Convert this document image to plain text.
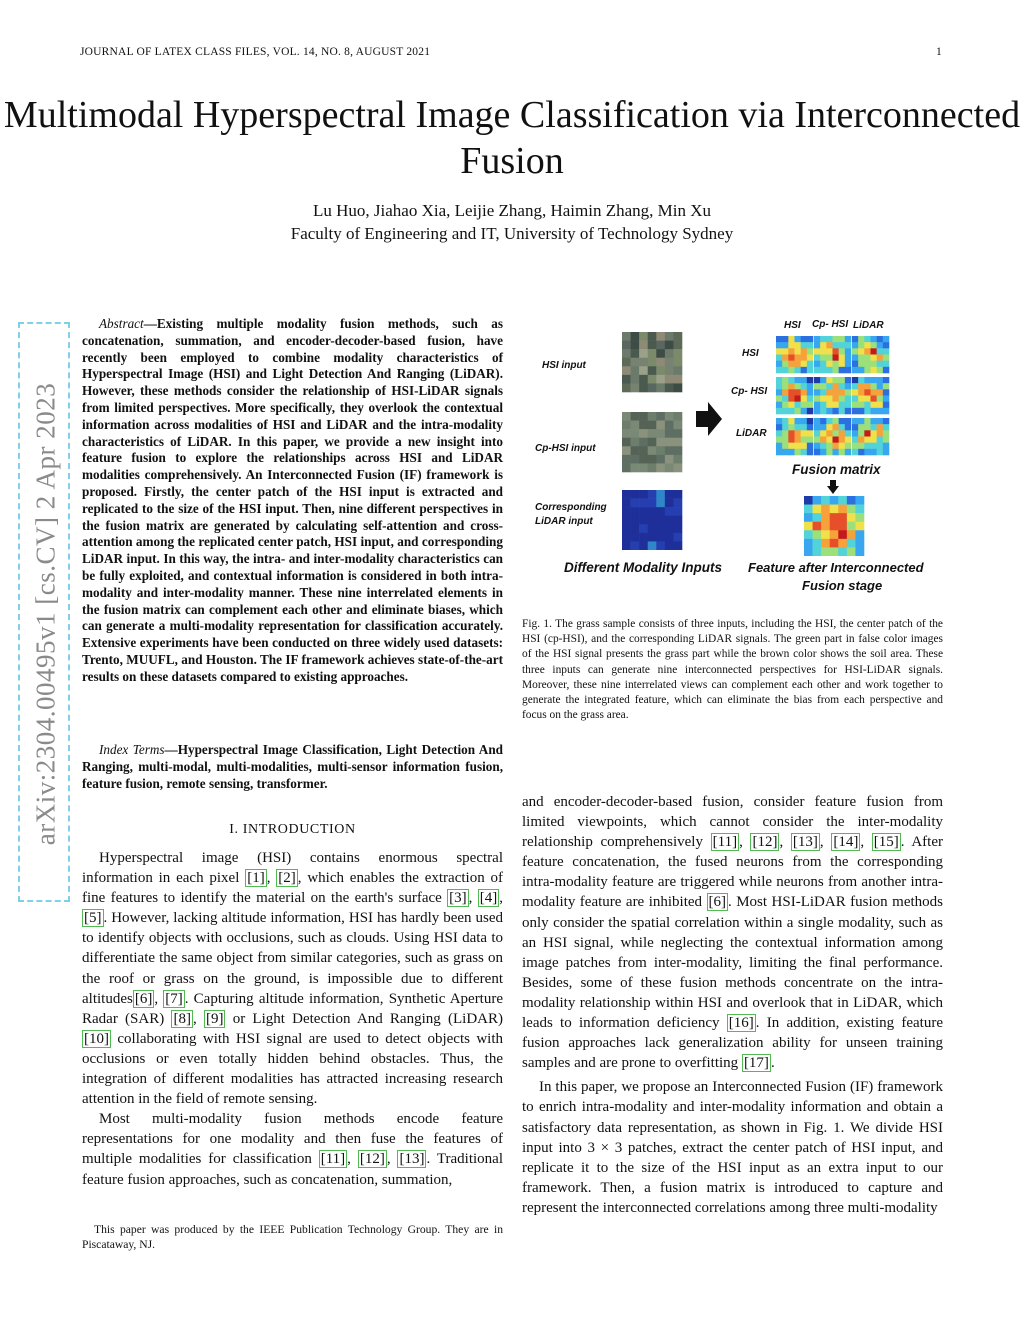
JOURNAL OF LATEX CLASS FILES, VOL. 14, NO. 8, AUGUST 2021	1
Multimodal Hyperspectral Image Classification via Interconnected Fusion
Lu Huo, Jiahao Xia, Leijie Zhang, Haimin Zhang, Min Xu
Faculty of Engineering and IT, University of Technology Sydney
arXiv:2304.00495v1 [cs.CV] 2 Apr 2023

Abstract—Existing multiple modality fusion methods, such as concatenation, summation, and encoder-decoder-based fusion, have recently been employed to combine modality characteristics of Hyperspectral Image (HSI) and Light Detection And Ranging (LiDAR). However, these methods consider the relationship of HSI-LiDAR signals from limited perspectives. More specifically, they overlook the contextual information across modalities of HSI and LiDAR and the intra-modality characteristics of LiDAR. In this paper, we provide a new insight into feature fusion to explore the relationships across HSI and LiDAR modalities comprehensively. An Interconnected Fusion (IF) framework is proposed. Firstly, the center patch of the HSI input is extracted and replicated to the size of the HSI input. Then, nine different perspectives in the fusion matrix are generated by calculating self-attention and cross-attention among the replicated center patch, HSI input, and corresponding LiDAR input. In this way, the intra- and inter-modality characteristics can be fully exploited, and contextual information is considered in both intra-modality and inter-modality manner. These nine interrelated elements in the fusion matrix can complement each other and eliminate biases, which can generate a multi-modality representation for classification accurately. Extensive experiments have been conducted on three widely used datasets: Trento, MUUFL, and Houston. The IF framework achieves state-of-the-art results on these datasets compared to existing approaches.

Index Terms—Hyperspectral Image Classification, Light Detection And Ranging, multi-modal, multi-modalities, multi-sensor information fusion, feature fusion, remote sensing, transformer.

I. INTRODUCTION

Hyperspectral image (HSI) contains enormous spectral information in each pixel [1] , [2] , which enables the extraction of fine features to identify the material on the earth's surface [3] , [4] , [5] . However, lacking altitude information, HSI has hardly been used to identify objects with occlusions, such as clouds. Using HSI data to differentiate the same object from similar categories, such as grass on the roof or grass on the ground, is impossible due to different altitudes [6] , [7] . Capturing altitude information, Synthetic Aperture Radar (SAR) [8] , [9] or Light Detection And Ranging (LiDAR) [10] collaborating with HSI signal are used to detect objects with occlusions or even totally hidden behind obstacles. Thus, the integration of different modalities has attracted increasing research attention in the field of remote sensing.

Most multi-modality fusion methods encode feature representations for one modality and then fuse the features of multiple modalities for classification [11] , [12] , [13] . Traditional feature fusion approaches, such as concatenation, summation,

This paper was produced by the IEEE Publication Technology Group. They are in Piscataway, NJ.

HSI input
Cp-HSI input
Corresponding
LiDAR input
Different Modality Inputs
HSI Cp- HSI LiDAR
HSI
Cp- HSI
LiDAR
Fusion matrix
Feature after Interconnected
Fusion stage
Fig. 1. The grass sample consists of three inputs, including the HSI, the center patch of the HSI (cp-HSI), and the corresponding LiDAR signals. The green part in false color images of the HSI signal presents the grass part while the brown color shows the soil area. These three inputs can generate nine interconnected perspectives for HSI-LiDAR signals. Moreover, these nine interrelated views can complement each other and work together to generate the integrated feature, which can eliminate the bias from each perspective and focus on the grass area.

and encoder-decoder-based fusion, consider feature fusion from limited viewpoints, which cannot consider the inter-modality relationship comprehensively [11] , [12] , [13] , [14] , [15] . After feature concatenation, the fused neurons from the corresponding intra-modality feature are triggered while neurons from another intra-modality feature are inhibited [6] . Most HSI-LiDAR fusion methods only consider the spatial correlation within a single modality, such as an HSI signal, while neglecting the contextual information among image patches from inter-modality, limiting the final performance. Besides, some of these fusion methods concentrate on the intra-modality relationship within HSI and overlook that in LiDAR, which leads to information deficiency [16] . In addition, existing feature fusion approaches lack generalization ability for unseen training samples and are prone to overfitting [17] .

In this paper, we propose an Interconnected Fusion (IF) framework to enrich intra-modality and inter-modality information and obtain a satisfactory data representation, as shown in Fig. 1. We divide HSI input into 3 × 3 patches, extract the center patch of HSI input, and replicate it to the size of the HSI input as an extra input to our framework. Then, a fusion matrix is introduced to capture and represent the interconnected correlations among three multi-modality
